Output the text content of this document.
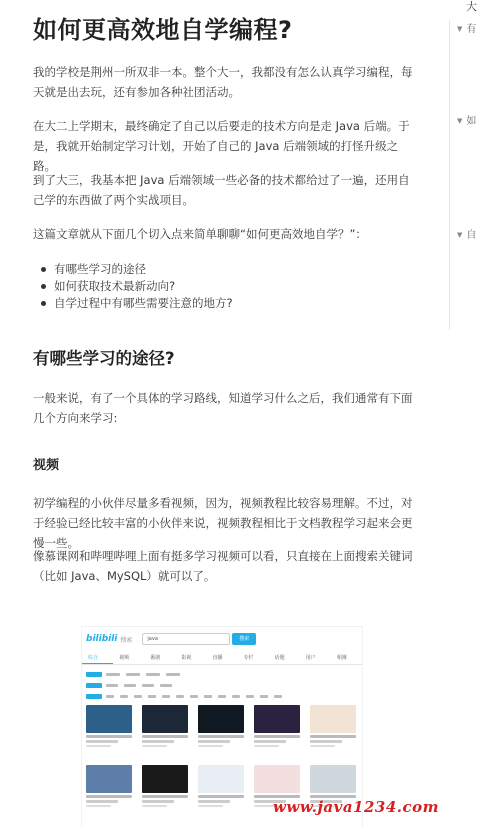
如何更高效地自学编程?
我的学校是荆州一所双非一本。整个大一，我都没有怎么认真学习编程，每天就是出去玩，还有参加各种社团活动。
在大二上学期末，最终确定了自己以后要走的技术方向是走 Java 后端。于是，我就开始制定学习计划，开始了自己的 Java 后端领域的打怪升级之路。
到了大三，我基本把 Java 后端领域一些必备的技术都给过了一遍，还用自己学的东西做了两个实战项目。
这篇文章就从下面几个切入点来简单聊聊“如何更高效地自学？”：
有哪些学习的途径
如何获取技术最新动向?
自学过程中有哪些需要注意的地方?
有哪些学习的途径?
一般来说，有了一个具体的学习路线，知道学习什么之后，我们通常有下面几个方向来学习:
视频
初学编程的小伙伴尽量多看视频，因为，视频教程比较容易理解。不过，对于经验已经比较丰富的小伙伴来说，视频教程相比于文档教程学习起来会更慢一些。
像慕课网和哔哩哔哩上面有挺多学习视频可以看，只直接在上面搜索关键词（比如 Java、MySQL）就可以了。
大
▼ 有
▼ 如
▼ 自
bilibili 搜索	java	搜索
综合	视频	番剧	影视	直播	专栏	话题	用户	相簿
www.java1234.com
